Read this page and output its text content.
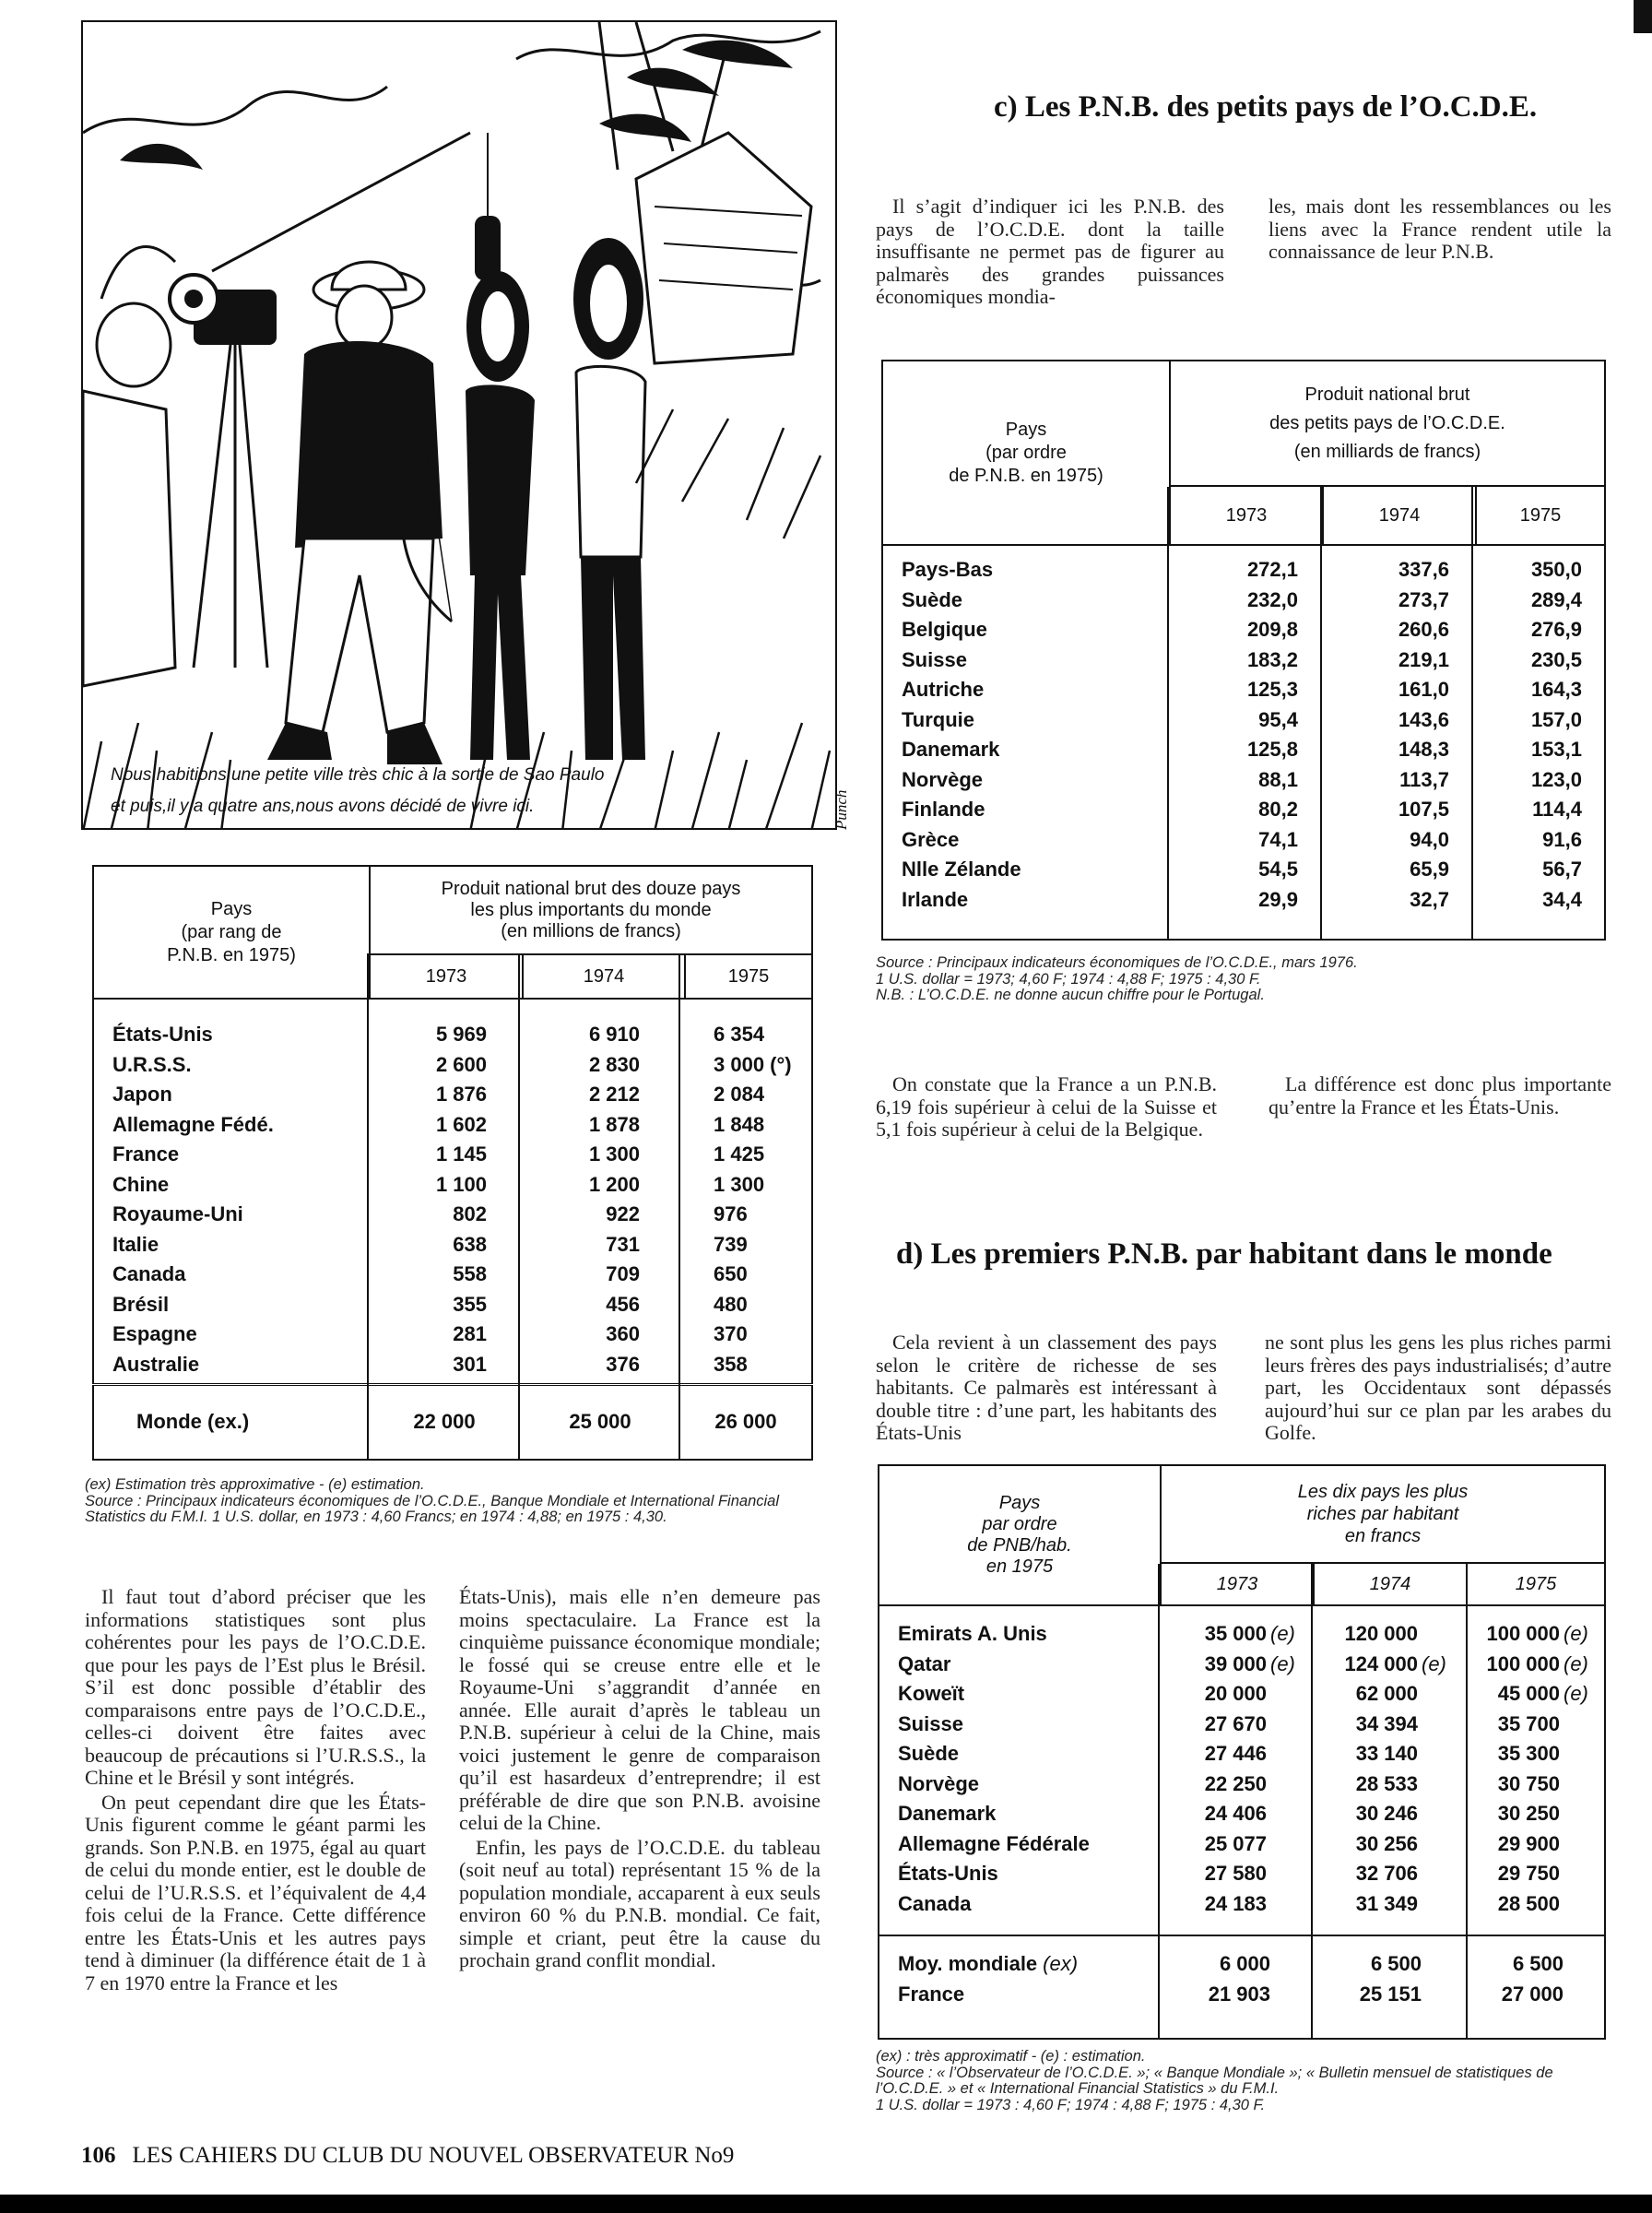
Nous habitions une petite ville très chic à la sortie de Sao Paulo
et puis,il y a quatre ans,nous avons décidé de vivre ici.	Punch
c) Les P.N.B. des petits pays de l’O.C.D.E.

Il s’agit d’indiquer ici les P.N.B. des pays de l’O.C.D.E. dont la taille insuffisante ne permet pas de figurer au palmarès des grandes puissances économiques mondia-

les, mais dont les ressemblances ou les liens avec la France rendent utile la connaissance de leur P.N.B.

Pays
(par ordre
de P.N.B. en 1975)

Produit national brut
des petits pays de l’O.C.D.E.
(en milliards de francs)

1973	1974	1975

Pays-Bas	272,1	337,6	350,0
Suède	232,0	273,7	289,4
Belgique	209,8	260,6	276,9
Suisse	183,2	219,1	230,5
Autriche	125,3	161,0	164,3
Turquie	95,4	143,6	157,0
Danemark	125,8	148,3	153,1
Norvège	88,1	113,7	123,0
Finlande	80,2	107,5	114,4
Grèce	74,1	94,0	91,6
Nlle Zélande	54,5	65,9	56,7
Irlande	29,9	32,7	34,4
Source : Principaux indicateurs économiques de l’O.C.D.E., mars 1976.
1 U.S. dollar = 1973; 4,60 F; 1974 : 4,88 F; 1975 : 4,30 F.
N.B. : L’O.C.D.E. ne donne aucun chiffre pour le Portugal.

On constate que la France a un P.N.B. 6,19 fois supérieur à celui de la Suisse et 5,1 fois supérieur à celui de la Belgique.

La différence est donc plus importante qu’entre la France et les États-Unis.

d) Les premiers P.N.B. par habitant dans le monde

Cela revient à un classement des pays selon le critère de richesse de ses habitants. Ce palmarès est intéressant à double titre : d’une part, les habitants des États-Unis

ne sont plus les gens les plus riches parmi leurs frères des pays industrialisés; d’autre part, les Occidentaux sont dépassés aujourd’hui sur ce plan par les arabes du Golfe.

Pays
par ordre
de PNB/hab.
en 1975

Les dix pays les plus
riches par habitant
en francs

1973	1974	1975

Emirats A. Unis	35 000 (e)	120 000	100 000 (e)
Qatar	39 000 (e)	124 000 (e)	100 000 (e)
Koweït	20 000	62 000	45 000 (e)
Suisse	27 670	34 394	35 700
Suède	27 446	33 140	35 300
Norvège	22 250	28 533	30 750
Danemark	24 406	30 246	30 250
Allemagne Fédérale	25 077	30 256	29 900
États-Unis	27 580	32 706	29 750
Canada	24 183	31 349	28 500

Moy. mondiale (ex)	6 000	6 500	6 500
France	21 903	25 151	27 000
(ex) : très approximatif - (e) : estimation.
Source : « l’Observateur de l’O.C.D.E. »; « Banque Mondiale »; « Bulletin mensuel de statistiques de l’O.C.D.E. » et « International Financial Statistics » du F.M.I.
1 U.S. dollar = 1973 : 4,60 F; 1974 : 4,88 F; 1975 : 4,30 F.
Pays
(par rang de
P.N.B. en 1975)

Produit national brut des douze pays
les plus importants du monde
(en millions de francs)

1973	1974	1975

États-Unis	5 969	6 910	6 354
U.R.S.S.	2 600	2 830	3 000 (°)
Japon	1 876	2 212	2 084
Allemagne Fédé.	1 602	1 878	1 848
France	1 145	1 300	1 425
Chine	1 100	1 200	1 300
Royaume-Uni	802	922	976
Italie	638	731	739
Canada	558	709	650
Brésil	355	456	480
Espagne	281	360	370
Australie	301	376	358

Monde (ex.)	22 000	25 000	26 000
(ex) Estimation très approximative - (e) estimation.
Source : Principaux indicateurs économiques de l’O.C.D.E., Banque Mondiale et International Financial Statistics du F.M.I. 1 U.S. dollar, en 1973 : 4,60 Francs; en 1974 : 4,88; en 1975 : 4,30.

Il faut tout d’abord préciser que les informations statistiques sont plus cohérentes pour les pays de l’O.C.D.E. que pour les pays de l’Est plus le Brésil. S’il est donc possible d’établir des comparaisons entre pays de l’O.C.D.E., celles-ci doivent être faites avec beaucoup de précautions si l’U.R.S.S., la Chine et le Brésil y sont intégrés.

On peut cependant dire que les États-Unis figurent comme le géant parmi les grands. Son P.N.B. en 1975, égal au quart de celui du monde entier, est le double de celui de l’U.R.S.S. et l’équivalent de 4,4 fois celui de la France. Cette différence entre les États-Unis et les autres pays tend à diminuer (la différence était de 1 à 7 en 1970 entre la France et les

États-Unis), mais elle n’en demeure pas moins spectaculaire. La France est la cinquième puissance économique mondiale; le fossé qui se creuse entre elle et le Royaume-Uni s’aggrandit d’année en année. Elle aurait d’après le tableau un P.N.B. supérieur à celui de la Chine, mais voici justement le genre de comparaison qu’il est hasardeux d’entreprendre; il est préférable de dire que son P.N.B. avoisine celui de la Chine.

Enfin, les pays de l’O.C.D.E. du tableau (soit neuf au total) représentant 15 % de la population mondiale, accaparent à eux seuls environ 60 % du P.N.B. mondial. Ce fait, simple et criant, peut être la cause du prochain grand conflit mondial.

106 LES CAHIERS DU CLUB DU NOUVEL OBSERVATEUR No9
